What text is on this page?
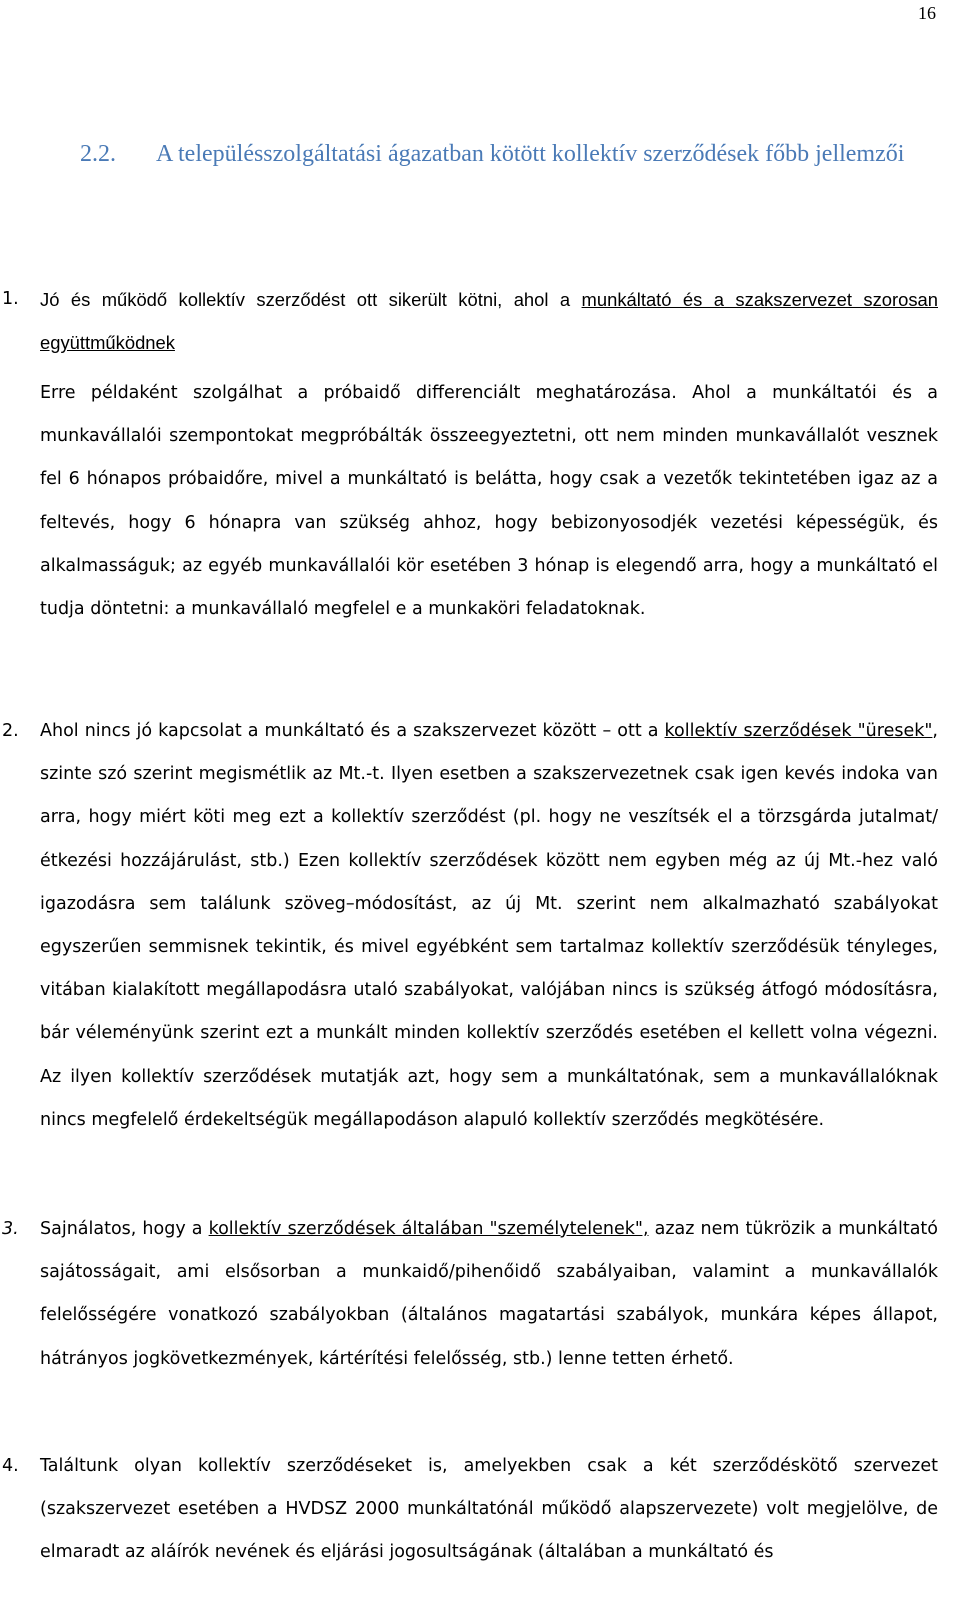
16
2.2. A településszolgáltatási ágazatban kötött kollektív szerződések főbb jellemzői
1.	Jó és működő kollektív szerződést ott sikerült kötni, ahol a munkáltató és a szakszervezet szorosan együttműködnek

Erre példaként szolgálhat a próbaidő differenciált meghatározása. Ahol a munkáltatói és a munkavállalói szempontokat megpróbálták összeegyeztetni, ott nem minden munkavállalót vesznek fel 6 hónapos próbaidőre, mivel a munkáltató is belátta, hogy csak a vezetők tekintetében igaz az a feltevés, hogy 6 hónapra van szükség ahhoz, hogy bebizonyosodjék vezetési képességük, és alkalmasságuk; az egyéb munkavállalói kör esetében 3 hónap is elegendő arra, hogy a munkáltató el tudja döntetni: a munkavállaló megfelel e a munkaköri feladatoknak.

2.	Ahol nincs jó kapcsolat a munkáltató és a szakszervezet között – ott a kollektív szerződések "üresek", szinte szó szerint megismétlik az Mt.-t. Ilyen esetben a szakszervezetnek csak igen kevés indoka van arra, hogy miért köti meg ezt a kollektív szerződést (pl. hogy ne veszítsék el a törzsgárda jutalmat/étkezési hozzájárulást, stb.) Ezen kollektív szerződések között nem egyben még az új Mt.-hez való igazodásra sem találunk szöveg–módosítást, az új Mt. szerint nem alkalmazható szabályokat egyszerűen semmisnek tekintik, és mivel egyébként sem tartalmaz kollektív szerződésük tényleges, vitában kialakított megállapodásra utaló szabályokat, valójában nincs is szükség átfogó módosításra, bár véleményünk szerint ezt a munkált minden kollektív szerződés esetében el kellett volna végezni. Az ilyen kollektív szerződések mutatják azt, hogy sem a munkáltatónak, sem a munkavállalóknak nincs megfelelő érdekeltségük megállapodáson alapuló kollektív szerződés megkötésére.

3.	Sajnálatos, hogy a kollektív szerződések általában "személytelenek", azaz nem tükrözik a munkáltató sajátosságait, ami elsősorban a munkaidő/pihenőidő szabályaiban, valamint a munkavállalók felelősségére vonatkozó szabályokban (általános magatartási szabályok, munkára képes állapot, hátrányos jogkövetkezmények, kártérítési felelősség, stb.) lenne tetten érhető.

4.	Találtunk olyan kollektív szerződéseket is, amelyekben csak a két szerződéskötő szervezet (szakszervezet esetében a HVDSZ 2000 munkáltatónál működő alapszervezete) volt megjelölve, de elmaradt az aláírók nevének és eljárási jogosultságának (általában a munkáltató és
